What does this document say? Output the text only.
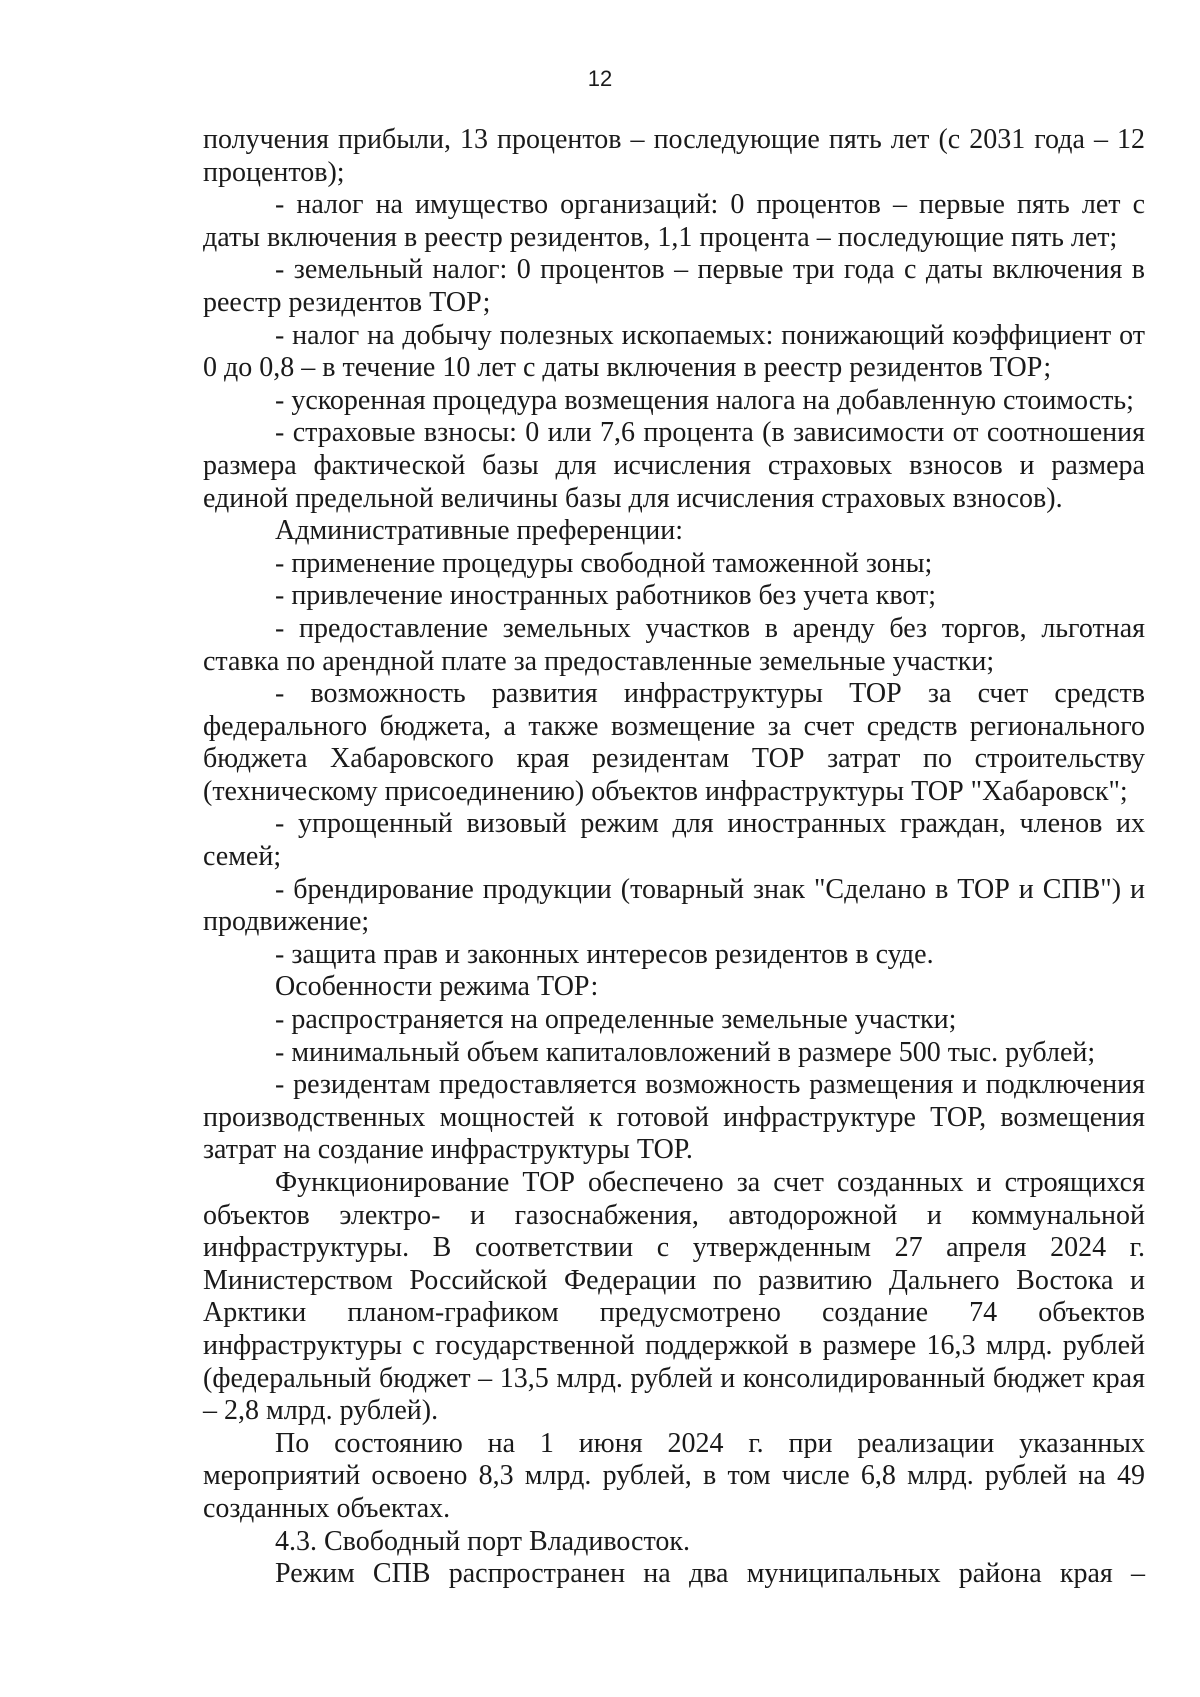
12

получения прибыли, 13 процентов – последующие пять лет (с 2031 года – 12 процентов);

- налог на имущество организаций: 0 процентов – первые пять лет с даты включения в реестр резидентов, 1,1 процента – последующие пять лет;

- земельный налог: 0 процентов – первые три года с даты включения в реестр резидентов ТОР;

- налог на добычу полезных ископаемых: понижающий коэффициент от 0 до 0,8 – в течение 10 лет с даты включения в реестр резидентов ТОР;

- ускоренная процедура возмещения налога на добавленную стоимость;

- страховые взносы: 0 или 7,6 процента (в зависимости от соотношения размера фактической базы для исчисления страховых взносов и размера единой предельной величины базы для исчисления страховых взносов).

Административные преференции:

- применение процедуры свободной таможенной зоны;

- привлечение иностранных работников без учета квот;

- предоставление земельных участков в аренду без торгов, льготная ставка по арендной плате за предоставленные земельные участки;

- возможность развития инфраструктуры ТОР за счет средств федерального бюджета, а также возмещение за счет средств регионального бюджета Хабаровского края резидентам ТОР затрат по строительству (техническому присоединению) объектов инфраструктуры ТОР "Хабаровск";

- упрощенный визовый режим для иностранных граждан, членов их семей;

- брендирование продукции (товарный знак "Сделано в ТОР и СПВ") и продвижение;

- защита прав и законных интересов резидентов в суде.

Особенности режима ТОР:

- распространяется на определенные земельные участки;

- минимальный объем капиталовложений в размере 500 тыс. рублей;

- резидентам предоставляется возможность размещения и подключения производственных мощностей к готовой инфраструктуре ТОР, возмещения затрат на создание инфраструктуры ТОР.

Функционирование ТОР обеспечено за счет созданных и строящихся объектов электро- и газоснабжения, автодорожной и коммунальной инфраструктуры. В соответствии с утвержденным 27 апреля 2024 г. Министерством Российской Федерации по развитию Дальнего Востока и Арктики планом-графиком предусмотрено создание 74 объектов инфраструктуры с государственной поддержкой в размере 16,3 млрд. рублей (федеральный бюджет – 13,5 млрд. рублей и консолидированный бюджет края – 2,8 млрд. рублей).

По состоянию на 1 июня 2024 г. при реализации указанных мероприятий освоено 8,3 млрд. рублей, в том числе 6,8 млрд. рублей на 49 созданных объектах.

4.3. Свободный порт Владивосток.

Режим СПВ распространен на два муниципальных района края –
